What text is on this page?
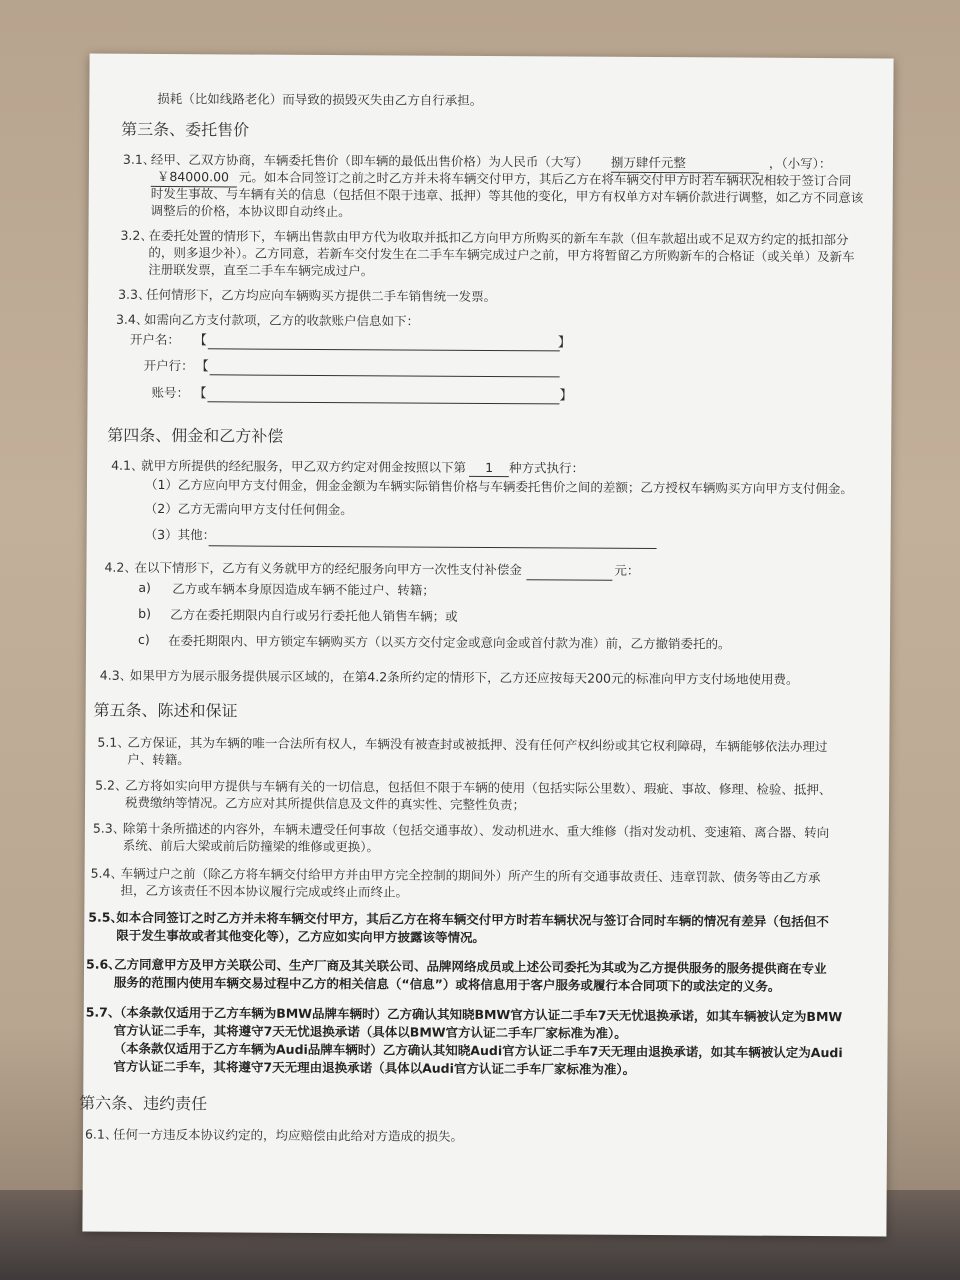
损耗（比如线路老化）而导致的损毁灭失由乙方自行承担。
第三条、委托售价
3.1、
经甲、乙双方协商，车辆委托售价（即车辆的最低出售价格）为人民币（大写） 捌万肆仟元整	，（小写）：
￥84000.00 元。如本合同签订之前之时乙方并未将车辆交付甲方，其后乙方在将车辆交付甲方时若车辆状况相较于签订合同
时发生事故、与车辆有关的信息（包括但不限于违章、抵押）等其他的变化，甲方有权单方对车辆价款进行调整，如乙方不同意该
调整后的价格，本协议即自动终止。
3.2、
在委托处置的情形下，车辆出售款由甲方代为收取并抵扣乙方向甲方所购买的新车车款（但车款超出或不足双方约定的抵扣部分
的，则多退少补）。乙方同意，若新车交付发生在二手车车辆完成过户之前，甲方将暂留乙方所购新车的合格证（或关单）及新车
注册联发票，直至二手车车辆完成过户。
3.3、
任何情形下，乙方均应向车辆购买方提供二手车销售统一发票。
3.4、
如需向乙方支付款项，乙方的收款账户信息如下：
开户名： 【	】
开户行： 【
账号： 【	】
第四条、佣金和乙方补偿
4.1、
就甲方所提供的经纪服务，甲乙双方约定对佣金按照以下第	1	种方式执行：
（1）乙方应向甲方支付佣金，佣金金额为车辆实际销售价格与车辆委托售价之间的差额；乙方授权车辆购买方向甲方支付佣金。
（2）乙方无需向甲方支付任何佣金。
（3）其他：
4.2、
在以下情形下，乙方有义务就甲方的经纪服务向甲方一次性支付补偿金	元：
a) 乙方或车辆本身原因造成车辆不能过户、转籍；
b) 乙方在委托期限内自行或另行委托他人销售车辆；或
c) 在委托期限内、甲方锁定车辆购买方（以买方交付定金或意向金或首付款为准）前，乙方撤销委托的。
4.3、
如果甲方为展示服务提供展示区域的，在第4.2条所约定的情形下，乙方还应按每天200元的标准向甲方支付场地使用费。
第五条、陈述和保证
5.1、
乙方保证，其为车辆的唯一合法所有权人，车辆没有被查封或被抵押、没有任何产权纠纷或其它权利障碍，车辆能够依法办理过
户、转籍。
5.2、
乙方将如实向甲方提供与车辆有关的一切信息，包括但不限于车辆的使用（包括实际公里数）、瑕疵、事故、修理、检验、抵押、
税费缴纳等情况。乙方应对其所提供信息及文件的真实性、完整性负责；
5.3、
除第十条所描述的内容外，车辆未遭受任何事故（包括交通事故）、发动机进水、重大维修（指对发动机、变速箱、离合器、转向
系统、前后大梁或前后防撞梁的维修或更换）。
5.4、
车辆过户之前（除乙方将车辆交付给甲方并由甲方完全控制的期间外）所产生的所有交通事故责任、违章罚款、债务等由乙方承
担，乙方该责任不因本协议履行完成或终止而终止。
5.5、
如本合同签订之时乙方并未将车辆交付甲方，其后乙方在将车辆交付甲方时若车辆状况与签订合同时车辆的情况有差异（包括但不
限于发生事故或者其他变化等），乙方应如实向甲方披露该等情况。
5.6、
乙方同意甲方及甲方关联公司、生产厂商及其关联公司、品牌网络成员或上述公司委托为其或为乙方提供服务的服务提供商在专业
服务的范围内使用车辆交易过程中乙方的相关信息（“信息”）或将信息用于客户服务或履行本合同项下的或法定的义务。
5.7、
（本条款仅适用于乙方车辆为BMW品牌车辆时）乙方确认其知晓BMW官方认证二手车7天无忧退换承诺，如其车辆被认定为BMW
官方认证二手车，其将遵守7天无忧退换承诺（具体以BMW官方认证二手车厂家标准为准）。
（本条款仅适用于乙方车辆为Audi品牌车辆时）乙方确认其知晓Audi官方认证二手车7天无理由退换承诺，如其车辆被认定为Audi
官方认证二手车，其将遵守7天无理由退换承诺（具体以Audi官方认证二手车厂家标准为准）。
第六条、违约责任
6.1、
任何一方违反本协议约定的，均应赔偿由此给对方造成的损失。
